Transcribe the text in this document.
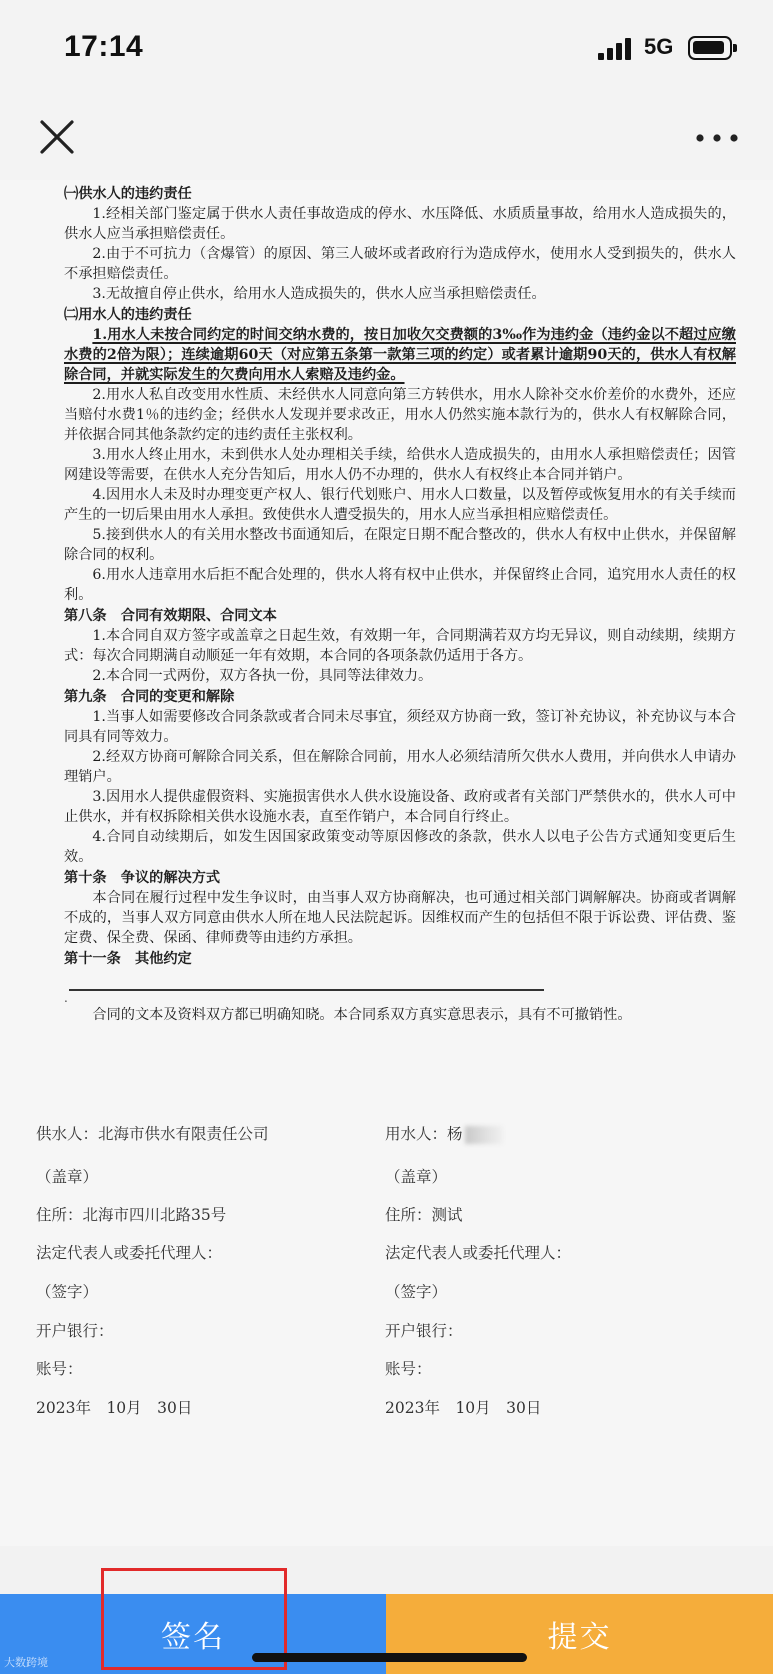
17:14	5G

㈠供水人的违约责任

1.经相关部门鉴定属于供水人责任事故造成的停水、水压降低、水质质量事故，给用水人造成损失的，供水人应当承担赔偿责任。

2.由于不可抗力（含爆管）的原因、第三人破坏或者政府行为造成停水，使用水人受到损失的，供水人不承担赔偿责任。

3.无故擅自停止供水，给用水人造成损失的，供水人应当承担赔偿责任。

㈡用水人的违约责任

1.用水人未按合同约定的时间交纳水费的，按日加收欠交费额的3‰作为违约金（违约金以不超过应缴水费的2倍为限）；连续逾期60天（对应第五条第一款第三项的约定）或者累计逾期90天的，供水人有权解除合同，并就实际发生的欠费向用水人索赔及违约金。

2.用水人私自改变用水性质、未经供水人同意向第三方转供水，用水人除补交水价差价的水费外，还应当赔付水费1％的违约金；经供水人发现并要求改正，用水人仍然实施本款行为的，供水人有权解除合同，并依据合同其他条款约定的违约责任主张权利。

3.用水人终止用水，未到供水人处办理相关手续，给供水人造成损失的，由用水人承担赔偿责任；因管网建设等需要，在供水人充分告知后，用水人仍不办理的，供水人有权终止本合同并销户。

4.因用水人未及时办理变更产权人、银行代划账户、用水人口数量，以及暂停或恢复用水的有关手续而产生的一切后果由用水人承担。致使供水人遭受损失的，用水人应当承担相应赔偿责任。

5.接到供水人的有关用水整改书面通知后，在限定日期不配合整改的，供水人有权中止供水，并保留解除合同的权利。

6.用水人违章用水后拒不配合处理的，供水人将有权中止供水，并保留终止合同，追究用水人责任的权利。

第八条　合同有效期限、合同文本

1.本合同自双方签字或盖章之日起生效，有效期一年，合同期满若双方均无异议，则自动续期，续期方式：每次合同期满自动顺延一年有效期，本合同的各项条款仍适用于各方。

2.本合同一式两份，双方各执一份，具同等法律效力。

第九条　合同的变更和解除

1.当事人如需要修改合同条款或者合同未尽事宜，须经双方协商一致，签订补充协议，补充协议与本合同具有同等效力。

2.经双方协商可解除合同关系，但在解除合同前，用水人必须结清所欠供水人费用，并向供水人申请办理销户。

3.因用水人提供虚假资料、实施损害供水人供水设施设备、政府或者有关部门严禁供水的，供水人可中止供水，并有权拆除相关供水设施水表，直至作销户，本合同自行终止。

4.合同自动续期后，如发生因国家政策变动等原因修改的条款，供水人以电子公告方式通知变更后生效。

第十条　争议的解决方式

本合同在履行过程中发生争议时，由当事人双方协商解决，也可通过相关部门调解解决。协商或者调解不成的，当事人双方同意由供水人所在地人民法院起诉。因维权而产生的包括但不限于诉讼费、评估费、鉴定费、保全费、保函、律师费等由违约方承担。

第十一条　其他约定

.

合同的文本及资料双方都已明确知晓。本合同系双方真实意思表示，具有不可撤销性。

供水人：北海市供水有限责任公司
（盖章）
住所：北海市四川北路35号
法定代表人或委托代理人：
（签字）
开户银行：
账号：
2023年　10月　30日
用水人：杨
（盖章）
住所：测试
法定代表人或委托代理人：
（签字）
开户银行：
账号：
2023年　10月　30日
签名	提交
大数跨境
